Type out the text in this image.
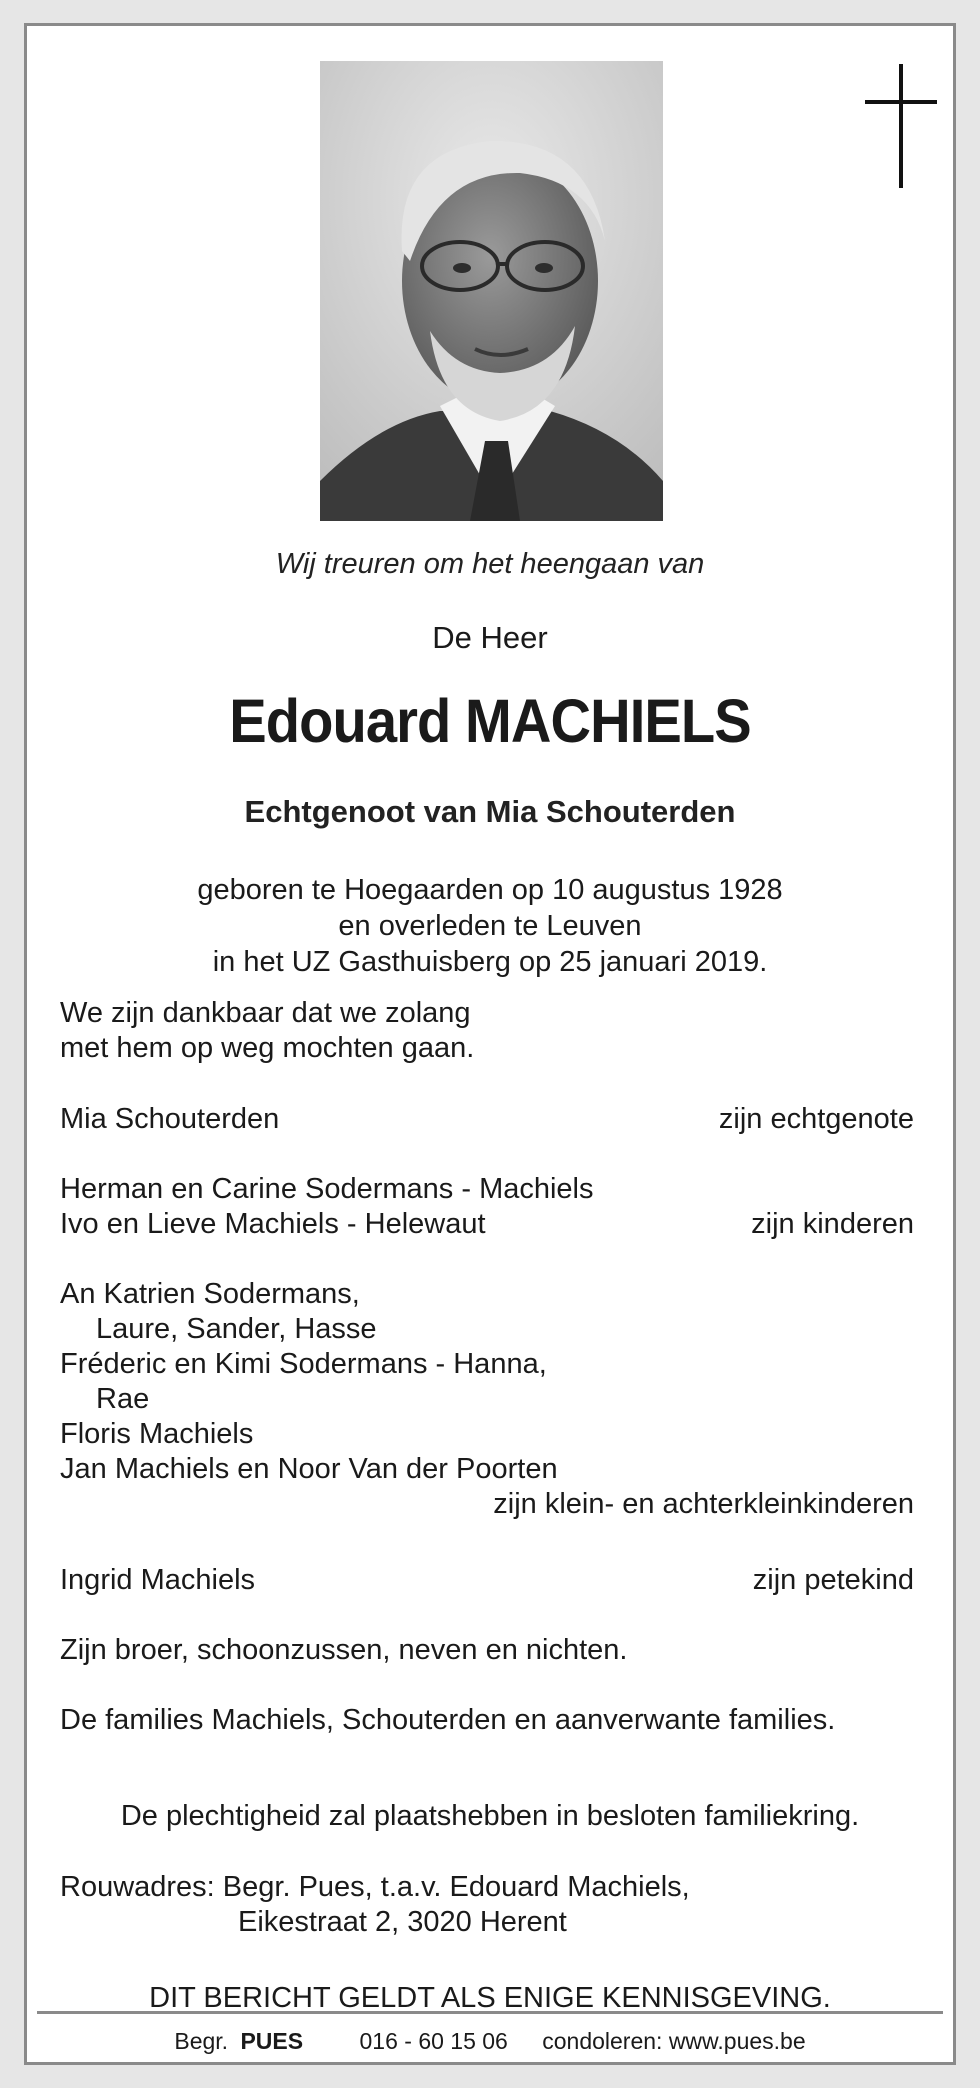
Wij treuren om het heengaan van
De Heer
Edouard MACHIELS
Echtgenoot van Mia Schouterden
geboren te Hoegaarden op 10 augustus 1928
en overleden te Leuven
in het UZ Gasthuisberg op 25 januari 2019.
We zijn dankbaar dat we zolang
met hem op weg mochten gaan.
Mia Schouterden	zijn echtgenote
Herman en Carine Sodermans - Machiels
Ivo en Lieve Machiels - Helewaut	zijn kinderen
An Katrien Sodermans,
Laure, Sander, Hasse
Fréderic en Kimi Sodermans - Hanna,
Rae
Floris Machiels
Jan Machiels en Noor Van der Poorten
zijn klein- en achterkleinkinderen
Ingrid Machiels	zijn petekind
Zijn broer, schoonzussen, neven en nichten.
De families Machiels, Schouterden en aanverwante families.
De plechtigheid zal plaatshebben in besloten familiekring.
Rouwadres: Begr. Pues, t.a.v. Edouard Machiels,
Eikestraat 2, 3020 Herent
DIT BERICHT GELDT ALS ENIGE KENNISGEVING.
Begr. PUES 016 - 60 15 06 condoleren: www.pues.be
